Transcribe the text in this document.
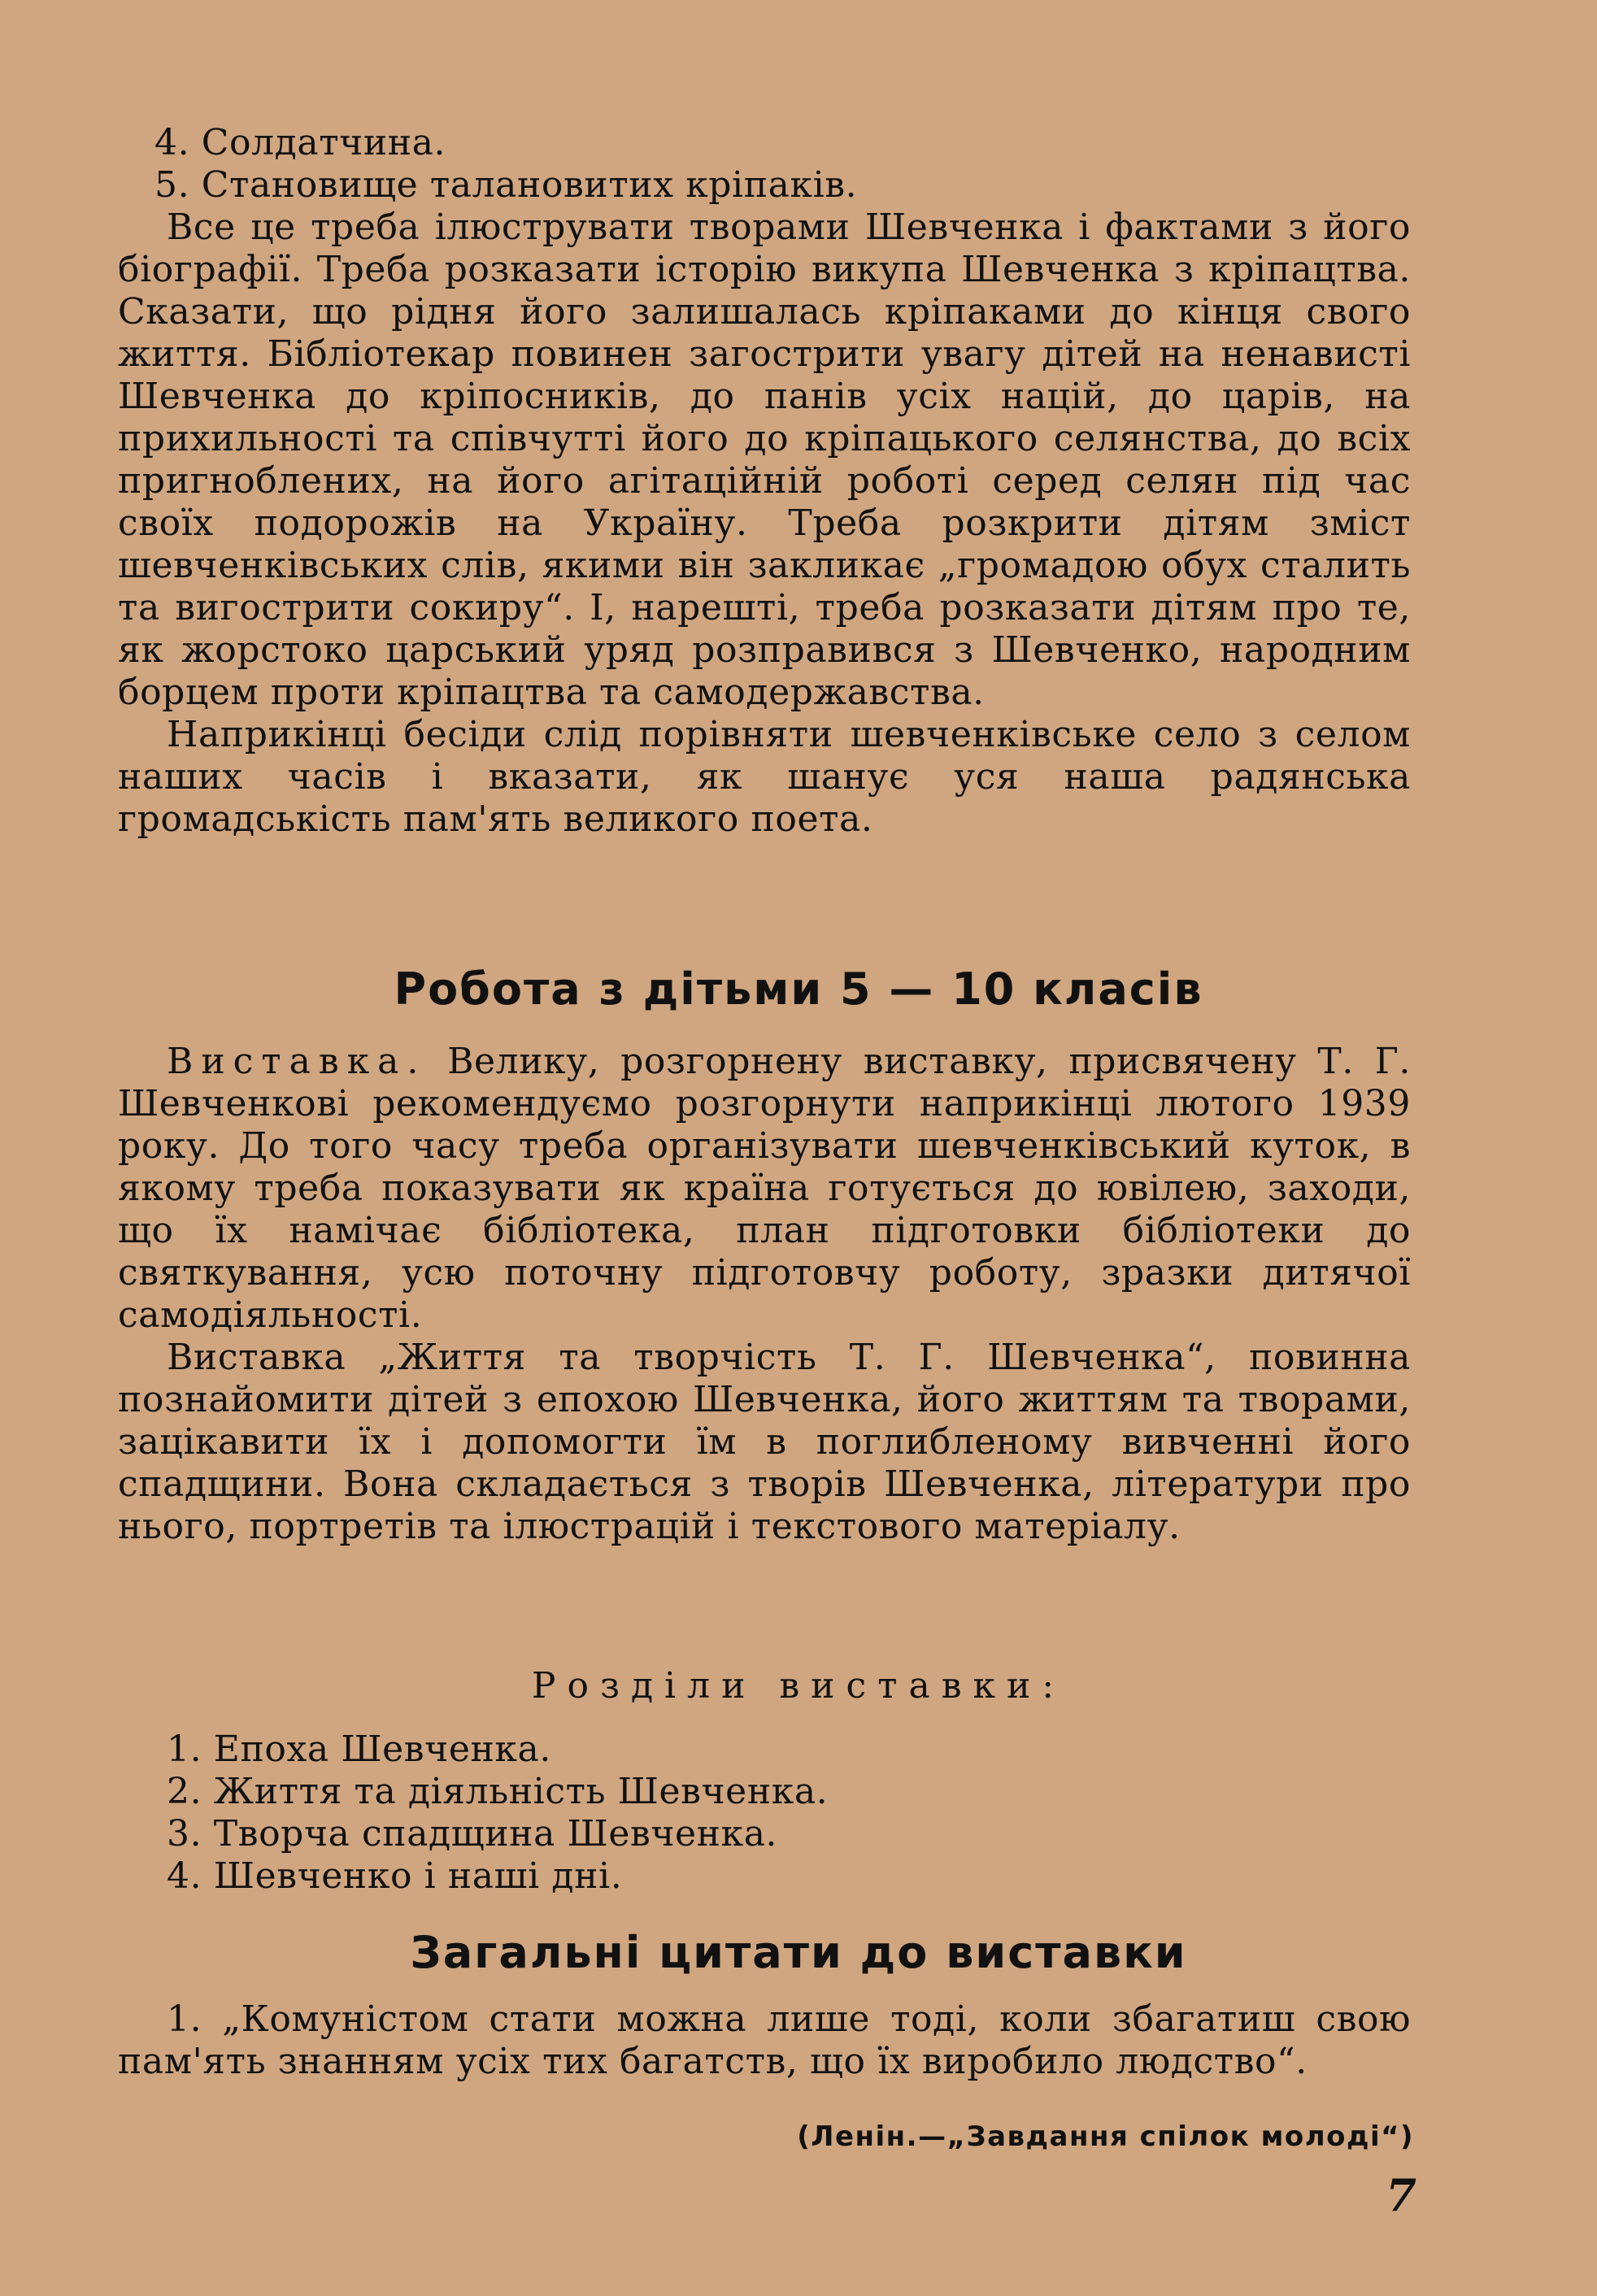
4. Солдатчина.

5. Становище талановитих кріпаків.

Все це треба ілюструвати творами Шевченка і фактами з його біографії. Треба розказати історію викупа Шевченка з кріпацтва. Сказати, що рідня його залишалась кріпаками до кінця свого життя. Бібліотекар повинен загострити увагу дітей на ненависті Шевченка до кріпосників, до панів усіх націй, до царів, на прихильності та співчутті його до кріпацького селянства, до всіх пригноблених, на його агітаційній роботі серед селян під час своїх подорожів на Україну. Треба розкрити дітям зміст шевченківських слів, якими він закликає „громадою обух сталить та вигострити сокиру“. І, нарешті, треба розказати дітям про те, як жорстоко царський уряд розправився з Шевченко, народним борцем проти кріпацтва та самодержавства.

Наприкінці бесіди слід порівняти шевченківське село з селом наших часів і вказати, як шанує уся наша радянська громадськість пам'ять великого поета.

Робота з дітьми 5 — 10 класів

Виставка. Велику, розгорнену виставку, присвячену Т. Г. Шевченкові рекомендуємо розгорнути наприкінці лютого 1939 року. До того часу треба організувати шевченківський куток, в якому треба показувати як країна готується до ювілею, заходи, що їх намічає бібліотека, план підготовки бібліотеки до святкування, усю поточну підготовчу роботу, зразки дитячої самодіяльності.

Виставка „Життя та творчість Т. Г. Шевченка“, повинна познайомити дітей з епохою Шевченка, його життям та творами, зацікавити їх і допомогти їм в поглибленому вивченні його спадщини. Вона складається з творів Шевченка, літератури про нього, портретів та ілюстрацій і текстового матеріалу.

Розділи виставки:

1. Епоха Шевченка.

2. Життя та діяльність Шевченка.

3. Творча спадщина Шевченка.

4. Шевченко і наші дні.

Загальні цитати до виставки

1. „Комуністом стати можна лише тоді, коли збагатиш свою пам'ять знанням усіх тих багатств, що їх виробило людство“.

(Ленін.—„Завдання спілок молоді“)
7
